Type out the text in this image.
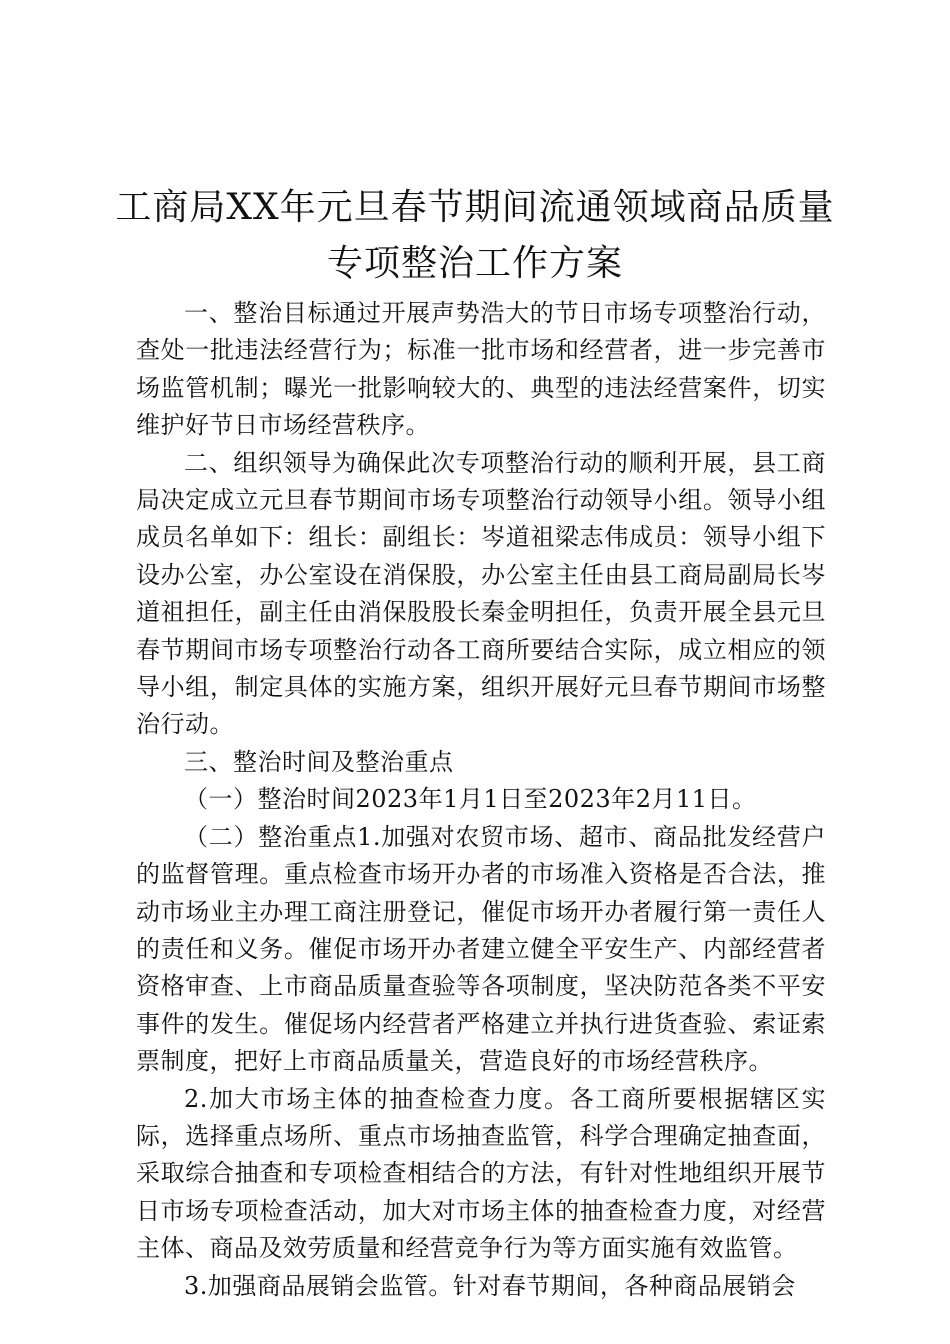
工商局XX年元旦春节期间流通领域商品质量
专项整治工作方案

一、整治目标通过开展声势浩大的节日市场专项整治行动，查处一批违法经营行为；标准一批市场和经营者，进一步完善市场监管机制；曝光一批影响较大的、典型的违法经营案件，切实维护好节日市场经营秩序。

二、组织领导为确保此次专项整治行动的顺利开展，县工商局决定成立元旦春节期间市场专项整治行动领导小组。领导小组成员名单如下：组长：副组长：岑道祖梁志伟成员：领导小组下设办公室，办公室设在消保股，办公室主任由县工商局副局长岑道祖担任，副主任由消保股股长秦金明担任，负责开展全县元旦春节期间市场专项整治行动各工商所要结合实际，成立相应的领导小组，制定具体的实施方案，组织开展好元旦春节期间市场整治行动。

三、整治时间及整治重点

（一）整治时间2023年1月1日至2023年2月11日。

（二）整治重点1.加强对农贸市场、超市、商品批发经营户的监督管理。重点检查市场开办者的市场准入资格是否合法，推动市场业主办理工商注册登记，催促市场开办者履行第一责任人的责任和义务。催促市场开办者建立健全平安生产、内部经营者资格审查、上市商品质量查验等各项制度，坚决防范各类不平安事件的发生。催促场内经营者严格建立并执行进货查验、索证索票制度，把好上市商品质量关，营造良好的市场经营秩序。

2.加大市场主体的抽查检查力度。各工商所要根据辖区实际，选择重点场所、重点市场抽查监管，科学合理确定抽查面，采取综合抽查和专项检查相结合的方法，有针对性地组织开展节日市场专项检查活动，加大对市场主体的抽查检查力度，对经营主体、商品及效劳质量和经营竞争行为等方面实施有效监管。

3.加强商品展销会监管。针对春节期间，各种商品展销会
